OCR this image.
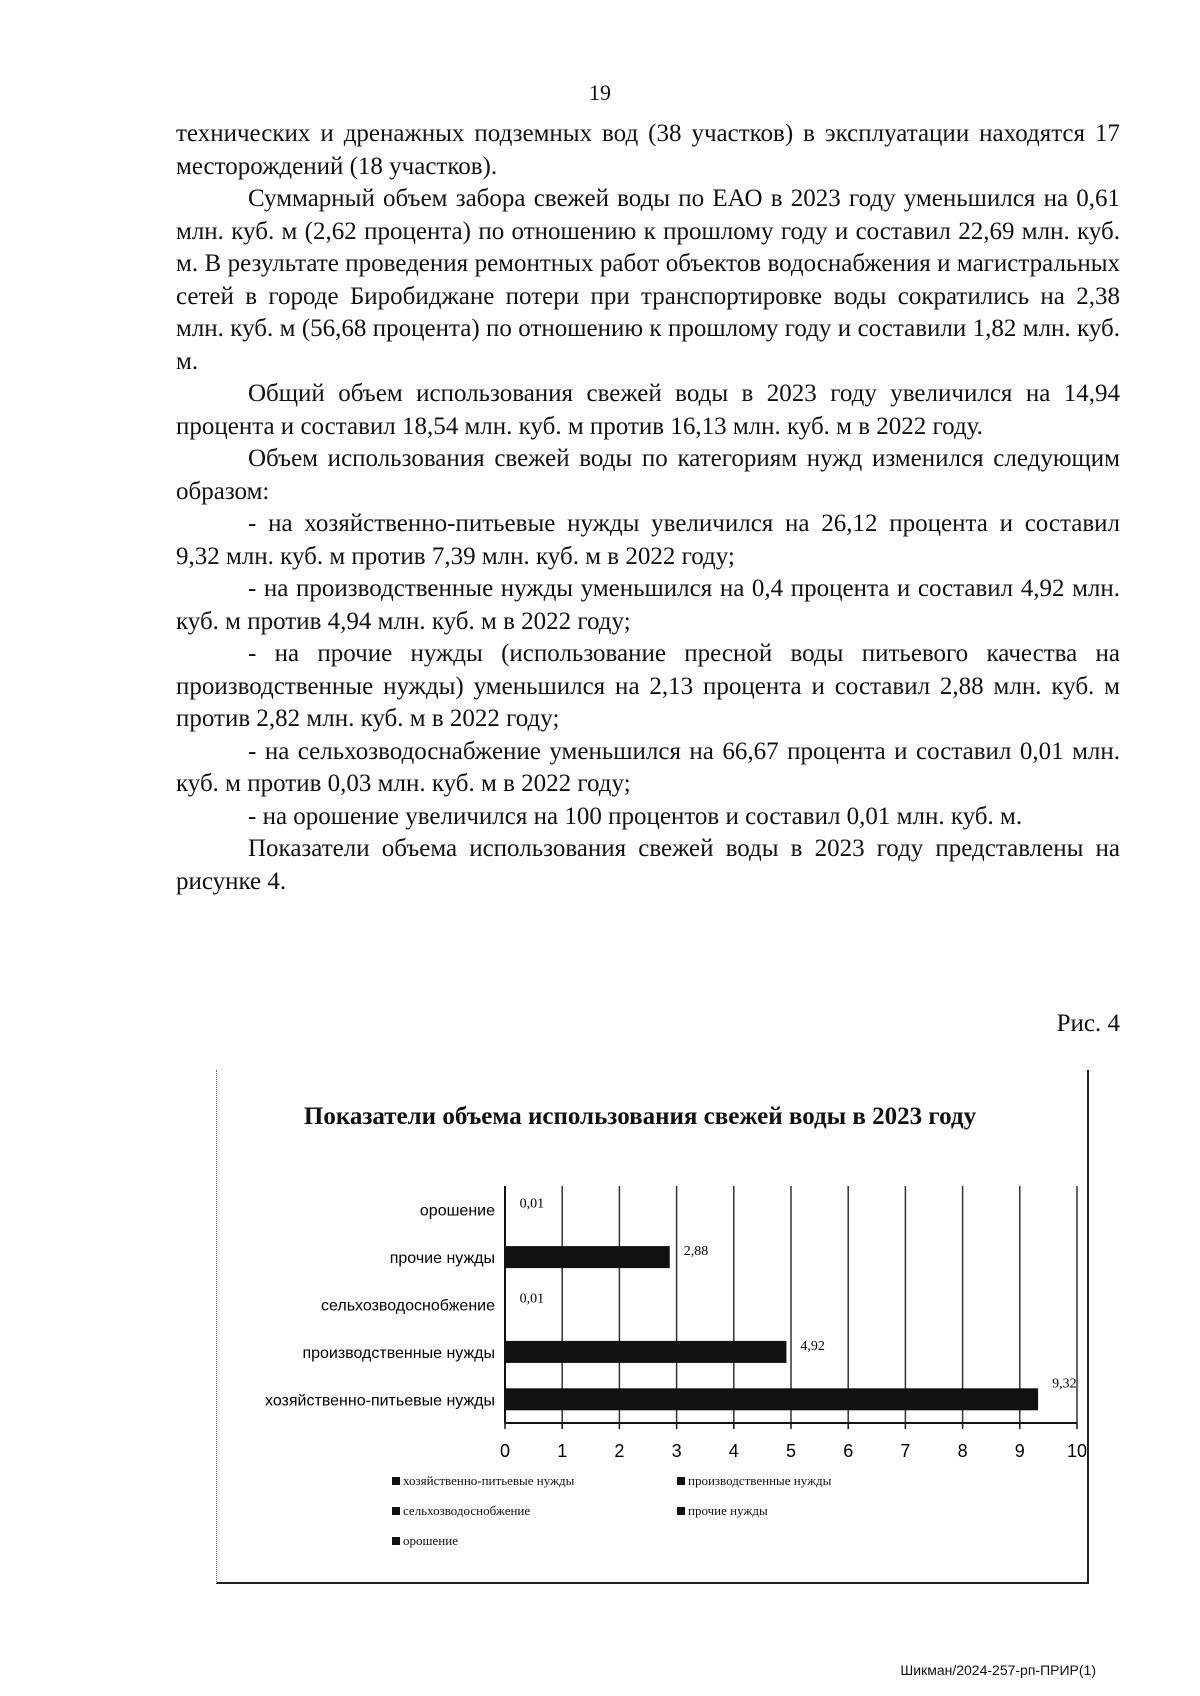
19

технических и дренажных подземных вод (38 участков) в эксплуатации находятся 17 месторождений (18 участков).

Суммарный объем забора свежей воды по ЕАО в 2023 году уменьшился на 0,61 млн. куб. м (2,62 процента) по отношению к прошлому году и составил 22,69 млн. куб. м. В результате проведения ремонтных работ объектов водоснабжения и магистральных сетей в городе Биробиджане потери при транспортировке воды сократились на 2,38 млн. куб. м (56,68 процента) по отношению к прошлому году и составили 1,82 млн. куб. м.

Общий объем использования свежей воды в 2023 году увеличился на 14,94 процента и составил 18,54 млн. куб. м против 16,13 млн. куб. м в 2022 году.

Объем использования свежей воды по категориям нужд изменился следующим образом:

- на хозяйственно-питьевые нужды увеличился на 26,12 процента и составил 9,32 млн. куб. м против 7,39 млн. куб. м в 2022 году;

- на производственные нужды уменьшился на 0,4 процента и составил 4,92 млн. куб. м против 4,94 млн. куб. м в 2022 году;

- на прочие нужды (использование пресной воды питьевого качества на производственные нужды) уменьшился на 2,13 процента и составил 2,88 млн. куб. м против 2,82 млн. куб. м в 2022 году;

- на сельхозводоснабжение уменьшился на 66,67 процента и составил 0,01 млн. куб. м против 0,03 млн. куб. м в 2022 году;

- на орошение увеличился на 100 процентов и составил 0,01 млн. куб. м.

Показатели объема использования свежей воды в 2023 году представлены на рисунке 4.

Рис. 4
Показатели объема использования свежей воды в 2023 году
0	1	2	3	4	5	6	7	8	9 10
хозяйственно-питьевые нужды
9,32
производственные нужды	4,92
сельхозводоснобжение 0,01
прочие нужды	2,88
орошение 0,01
хозяйственно-питьевые нужды	производственные нужды
сельхозводоснобжение	прочие нужды
орошение
Шикман/2024-257-рп-ПРИР(1)
